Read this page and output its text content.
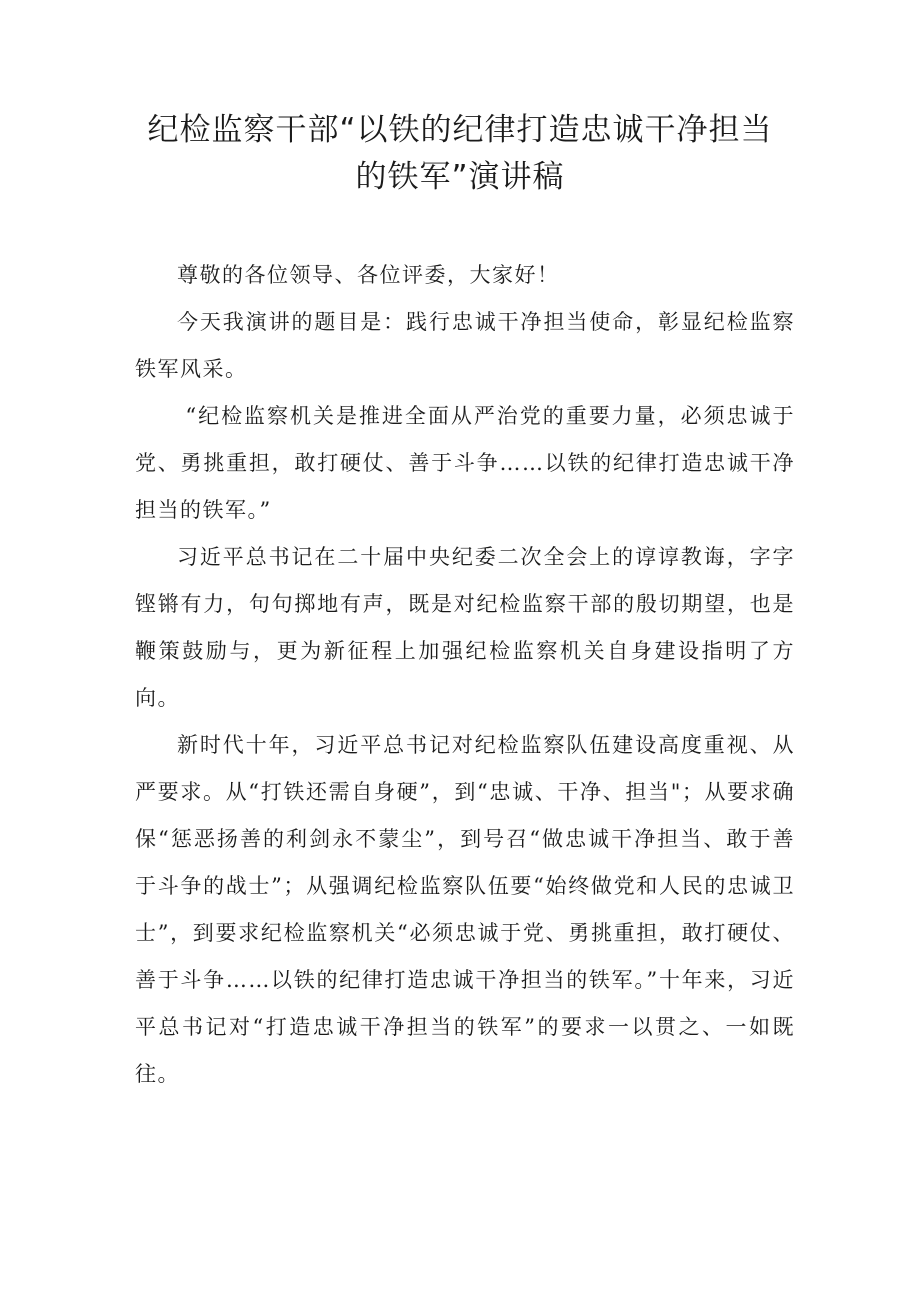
纪检监察干部“以铁的纪律打造忠诚干净担当
的铁军”演讲稿

尊敬的各位领导、各位评委，大家好！

今天我演讲的题目是：践行忠诚干净担当使命，彰显纪检监察铁军风采。

“纪检监察机关是推进全面从严治党的重要力量，必须忠诚于党、勇挑重担，敢打硬仗、善于斗争……以铁的纪律打造忠诚干净担当的铁军。”

习近平总书记在二十届中央纪委二次全会上的谆谆教诲，字字铿锵有力，句句掷地有声，既是对纪检监察干部的殷切期望，也是鞭策鼓励与，更为新征程上加强纪检监察机关自身建设指明了方向。

新时代十年，习近平总书记对纪检监察队伍建设高度重视、从严要求。从“打铁还需自身硬”，到“忠诚、干净、担当"；从要求确保“惩恶扬善的利剑永不蒙尘”，到号召“做忠诚干净担当、敢于善于斗争的战士”；从强调纪检监察队伍要“始终做党和人民的忠诚卫士”，到要求纪检监察机关“必须忠诚于党、勇挑重担，敢打硬仗、善于斗争……以铁的纪律打造忠诚干净担当的铁军。”十年来，习近平总书记对“打造忠诚干净担当的铁军”的要求一以贯之、一如既往。
